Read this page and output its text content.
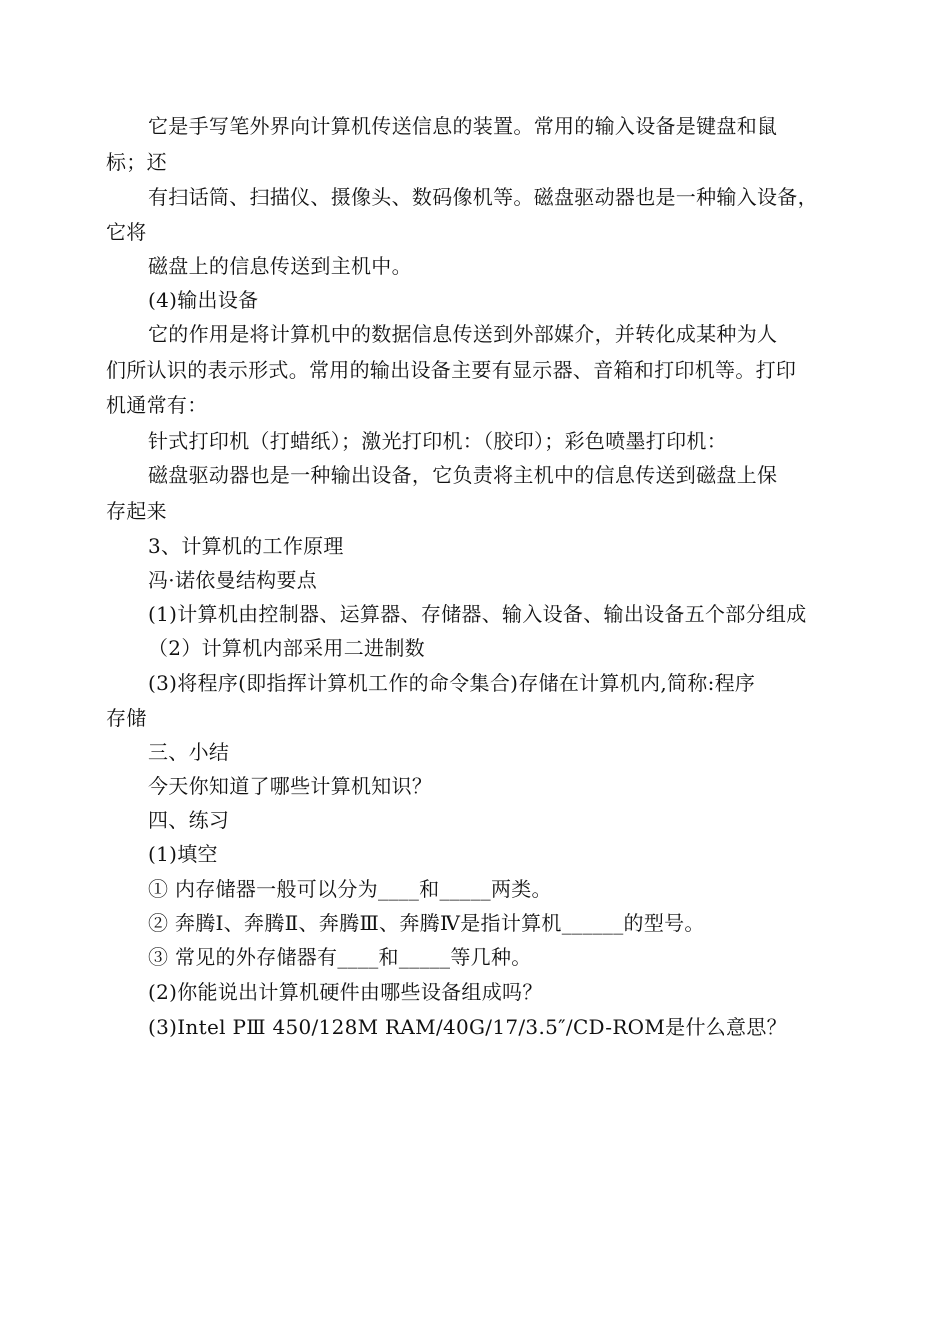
它是手写笔外界向计算机传送信息的装置。常用的输入设备是键盘和鼠
标；还
有扫话筒、扫描仪、摄像头、数码像机等。磁盘驱动器也是一种输入设备，
它将
磁盘上的信息传送到主机中。
(4)输出设备
它的作用是将计算机中的数据信息传送到外部媒介，并转化成某种为人
们所认识的表示形式。常用的输出设备主要有显示器、音箱和打印机等。打印
机通常有：
针式打印机（打蜡纸）；激光打印机：（胶印）；彩色喷墨打印机：
磁盘驱动器也是一种输出设备，它负责将主机中的信息传送到磁盘上保
存起来
3、计算机的工作原理
冯·诺依曼结构要点
(1)计算机由控制器、运算器、存储器、输入设备、输出设备五个部分组成
（2）计算机内部采用二进制数
(3)将程序(即指挥计算机工作的命令集合)存储在计算机内,简称:程序
存储
三、小结
今天你知道了哪些计算机知识？
四、练习
(1)填空
① 内存储器一般可以分为____和_____两类。
② 奔腾Ⅰ、奔腾Ⅱ、奔腾Ⅲ、奔腾Ⅳ是指计算机______的型号。
③ 常见的外存储器有____和_____等几种。
(2)你能说出计算机硬件由哪些设备组成吗？
(3)Intel PⅢ 450/128M RAM/40G/17/3.5″/CD-ROM是什么意思？
